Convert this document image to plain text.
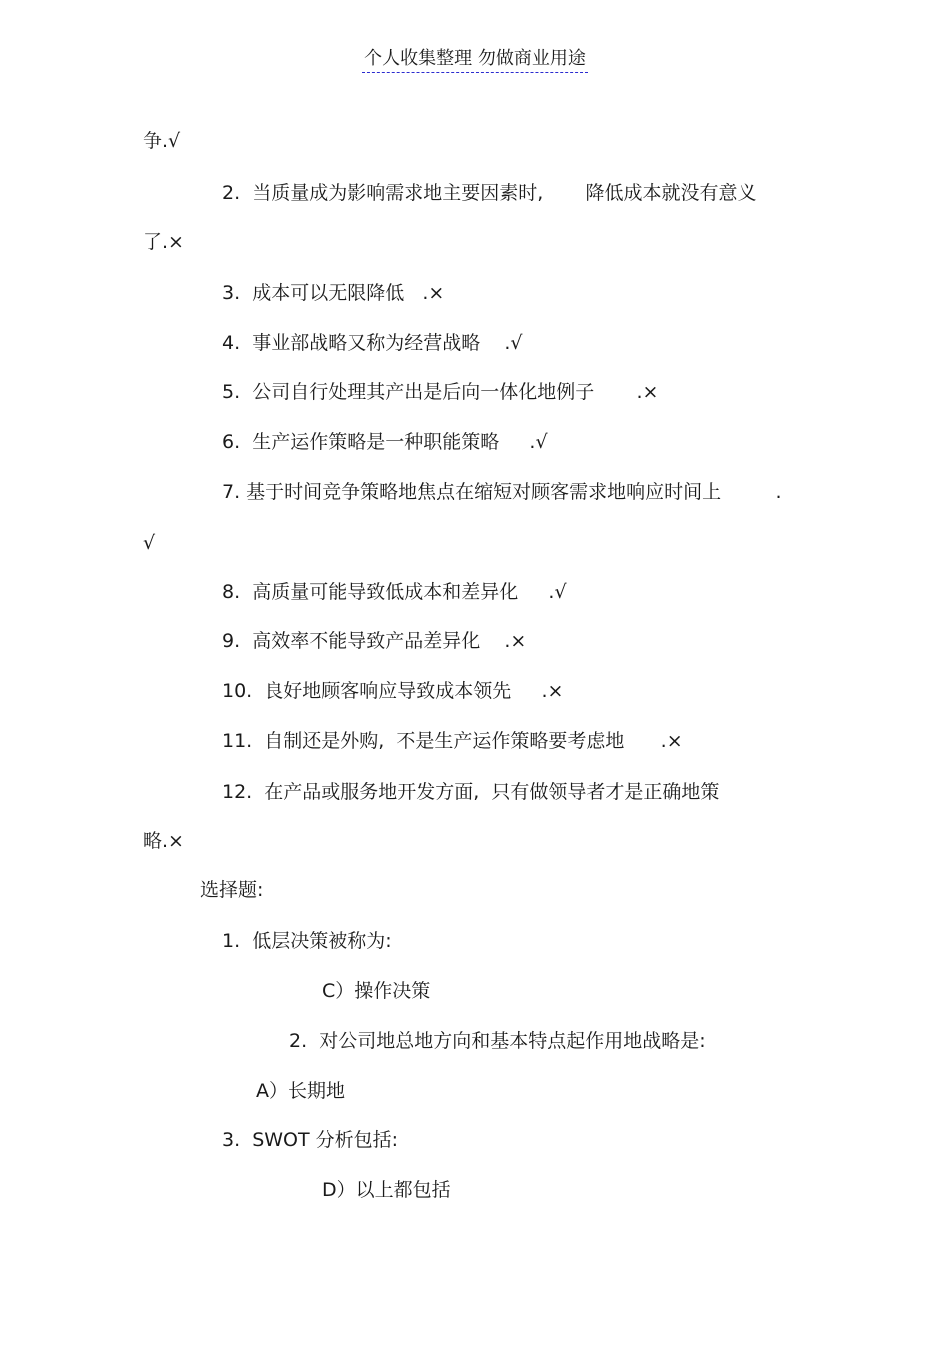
个人收集整理 勿做商业用途
争.√
2.  当质量成为影响需求地主要因素时,       降低成本就没有意义
了.×
3.  成本可以无限降低   .×
4.  事业部战略又称为经营战略    .√
5.  公司自行处理其产出是后向一体化地例子       .×
6.  生产运作策略是一种职能策略     .√
7. 基于时间竞争策略地焦点在缩短对顾客需求地响应时间上         .
√
8.  高质量可能导致低成本和差异化     .√
9.  高效率不能导致产品差异化    .×
10.  良好地顾客响应导致成本领先     .×
11.  自制还是外购,  不是生产运作策略要考虑地      .×
12.  在产品或服务地开发方面,  只有做领导者才是正确地策
略.×
选择题:
1.  低层决策被称为:
C）操作决策
2.  对公司地总地方向和基本特点起作用地战略是:
A）长期地
3.  SWOT 分析包括:
D）以上都包括
